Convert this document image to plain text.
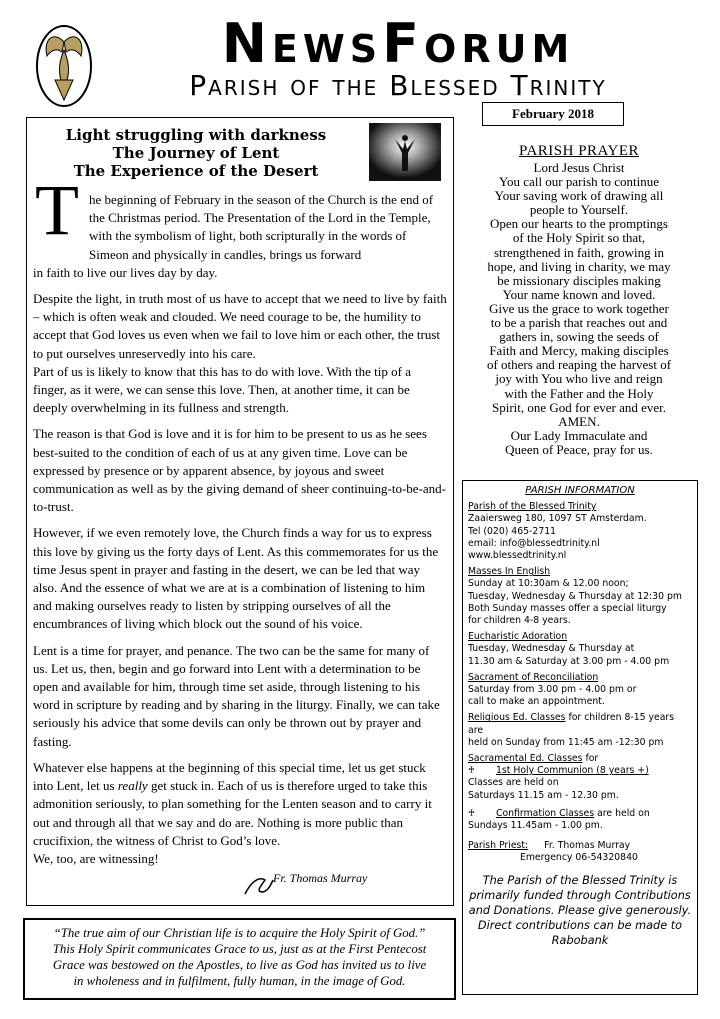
NewsForum
Parish of the Blessed Trinity
February 2018
Light struggling with darkness
The Journey of Lent
The Experience of the Desert
T he beginning of February in the season of the Church is the end of the Christmas period. The Presentation of the Lord in the Temple, with the symbolism of light, both scripturally in the words of Simeon and physically in candles, brings us forward
in faith to live our lives day by day.

Despite the light, in truth most of us have to accept that we need to live by faith – which is often weak and clouded. We need courage to be, the humility to accept that God loves us even when we fail to love him or each other, the trust to put ourselves unreservedly into his care.

Part of us is likely to know that this has to do with love. With the tip of a finger, as it were, we can sense this love. Then, at another time, it can be deeply overwhelming in its fullness and strength.

The reason is that God is love and it is for him to be present to us as he sees best-suited to the condition of each of us at any given time. Love can be expressed by presence or by apparent absence, by joyous and sweet communication as well as by the giving demand of sheer continuing-to-be-and-to-trust.

However, if we even remotely love, the Church finds a way for us to express this love by giving us the forty days of Lent. As this commemorates for us the time Jesus spent in prayer and fasting in the desert, we can be led that way also. And the essence of what we are at is a combination of listening to him and making ourselves ready to listen by stripping ourselves of all the encumbrances of living which block out the sound of his voice.

Lent is a time for prayer, and penance. The two can be the same for many of us. Let us, then, begin and go forward into Lent with a determination to be open and available for him, through time set aside, through listening to his word in scripture by reading and by sharing in the liturgy. Finally, we can take seriously his advice that some devils can only be thrown out by prayer and fasting.

Whatever else happens at the beginning of this special time, let us get stuck into Lent, let us really get stuck in. Each of us is therefore urged to take this admonition seriously, to plan something for the Lenten season and to carry it out and through all that we say and do are. Nothing is more public than crucifixion, the witness of Christ to God’s love.

We, too, are witnessing!

Fr. Thomas Murray
“The true aim of our Christian life is to acquire the Holy Spirit of God.”
This Holy Spirit communicates Grace to us, just as at the First Pentecost
Grace was bestowed on the Apostles, to live as God has invited us to live
in wholeness and in fulfilment, fully human, in the image of God.
PARISH PRAYER
Lord Jesus Christ
You call our parish to continue
Your saving work of drawing all
people to Yourself.
Open our hearts to the promptings
of the Holy Spirit so that,
strengthened in faith, growing in
hope, and living in charity, we may
be missionary disciples making
Your name known and loved.
Give us the grace to work together
to be a parish that reaches out and
gathers in, sowing the seeds of
Faith and Mercy, making disciples
of others and reaping the harvest of
joy with You who live and reign
with the Father and the Holy
Spirit, one God for ever and ever.
AMEN.
Our Lady Immaculate and
Queen of Peace, pray for us.
PARISH INFORMATION
Parish of the Blessed Trinity
Zaaiersweg 180, 1097 ST Amsterdam.
Tel (020) 465-2711
email: info@blessedtrinity.nl
www.blessedtrinity.nl
Masses In English
Sunday at 10:30am & 12.00 noon;
Tuesday, Wednesday & Thursday at 12:30 pm
Both Sunday masses offer a special liturgy
for children 4-8 years.
Eucharistic Adoration
Tuesday, Wednesday & Thursday at
11.30 am & Saturday at 3.00 pm - 4.00 pm
Sacrament of Reconciliation
Saturday from 3.00 pm - 4.00 pm or
call to make an appointment.
Religious Ed. Classes for children 8-15 years are
held on Sunday from 11:45 am -12:30 pm
Sacramental Ed. Classes for
♰ 1st Holy Communion (8 years +)
Classes are held on
Saturdays 11.15 am - 12.30 pm.
♰ Confirmation Classes are held on
Sundays 11.45am - 1.00 pm.
Parish Priest: Fr. Thomas Murray
Emergency 06-54320840
The Parish of the Blessed Trinity is primarily funded through Contributions and Donations. Please give generously.
Direct contributions can be made to Rabobank
